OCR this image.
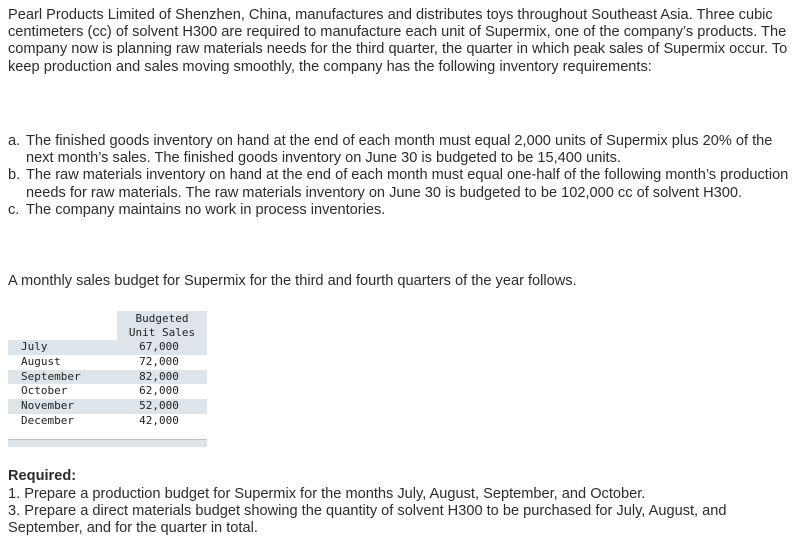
Pearl Products Limited of Shenzhen, China, manufactures and distributes toys throughout Southeast Asia. Three cubic centimeters (cc) of solvent H300 are required to manufacture each unit of Supermix, one of the company’s products. The company now is planning raw materials needs for the third quarter, the quarter in which peak sales of Supermix occur. To keep production and sales moving smoothly, the company has the following inventory requirements:

a. The finished goods inventory on hand at the end of each month must equal 2,000 units of Supermix plus 20% of the next month’s sales. The finished goods inventory on June 30 is budgeted to be 15,400 units.
b. The raw materials inventory on hand at the end of each month must equal one-half of the following month’s production needs for raw materials. The raw materials inventory on June 30 is budgeted to be 102,000 cc of solvent H300.
c. The company maintains no work in process inventories.

A monthly sales budget for Supermix for the third and fourth quarters of the year follows.

Budgeted
Unit Sales
July	67,000
August	72,000
September	82,000
October	62,000
November	52,000
December	42,000

Required:

1. Prepare a production budget for Supermix for the months July, August, September, and October.

3. Prepare a direct materials budget showing the quantity of solvent H300 to be purchased for July, August, and September, and for the quarter in total.
